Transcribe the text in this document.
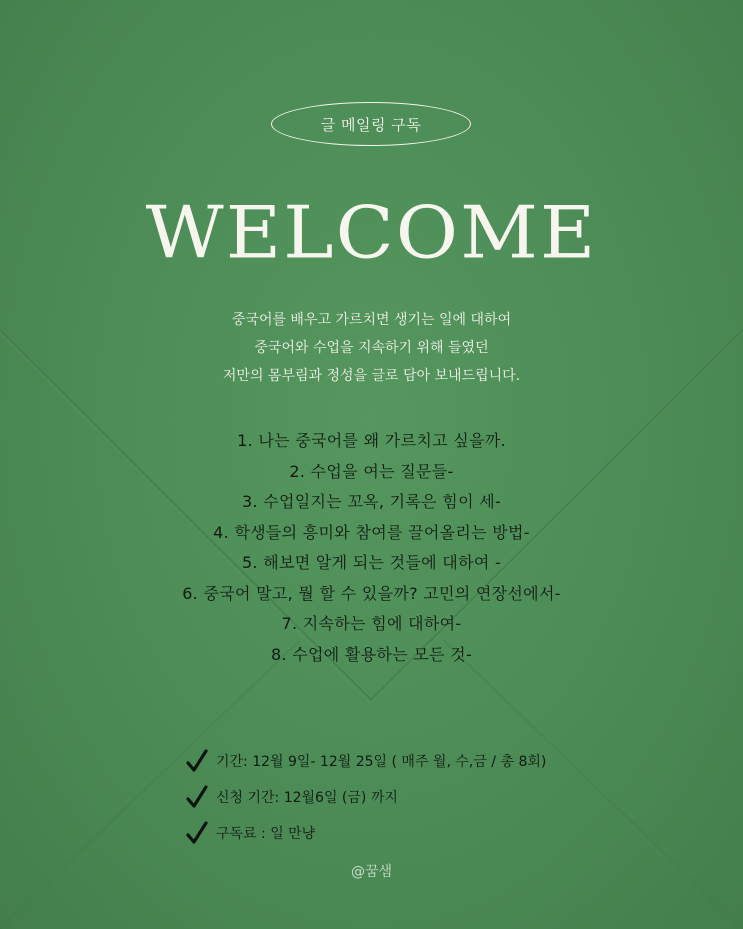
글 메일링 구독
WELCOME
중국어를 배우고 가르치면 생기는 일에 대하여
중국어와 수업을 지속하기 위해 들였던
저만의 몸부림과 정성을 글로 담아 보내드립니다.
1. 나는 중국어를 왜 가르치고 싶을까.
2. 수업을 여는 질문들-
3. 수업일지는 꼬옥, 기록은 힘이 세-
4. 학생들의 흥미와 참여를 끌어올리는 방법-
5. 해보면 알게 되는 것들에 대하여 -
6. 중국어 말고, 뭘 할 수 있을까? 고민의 연장선에서-
7. 지속하는 힘에 대하여-
8. 수업에 활용하는 모든 것-
기간: 12월 9일- 12월 25일 ( 매주 월, 수,금 / 총 8회)
신청 기간: 12월6일 (금) 까지
구독료 : 일 만냥
@꿈샘
